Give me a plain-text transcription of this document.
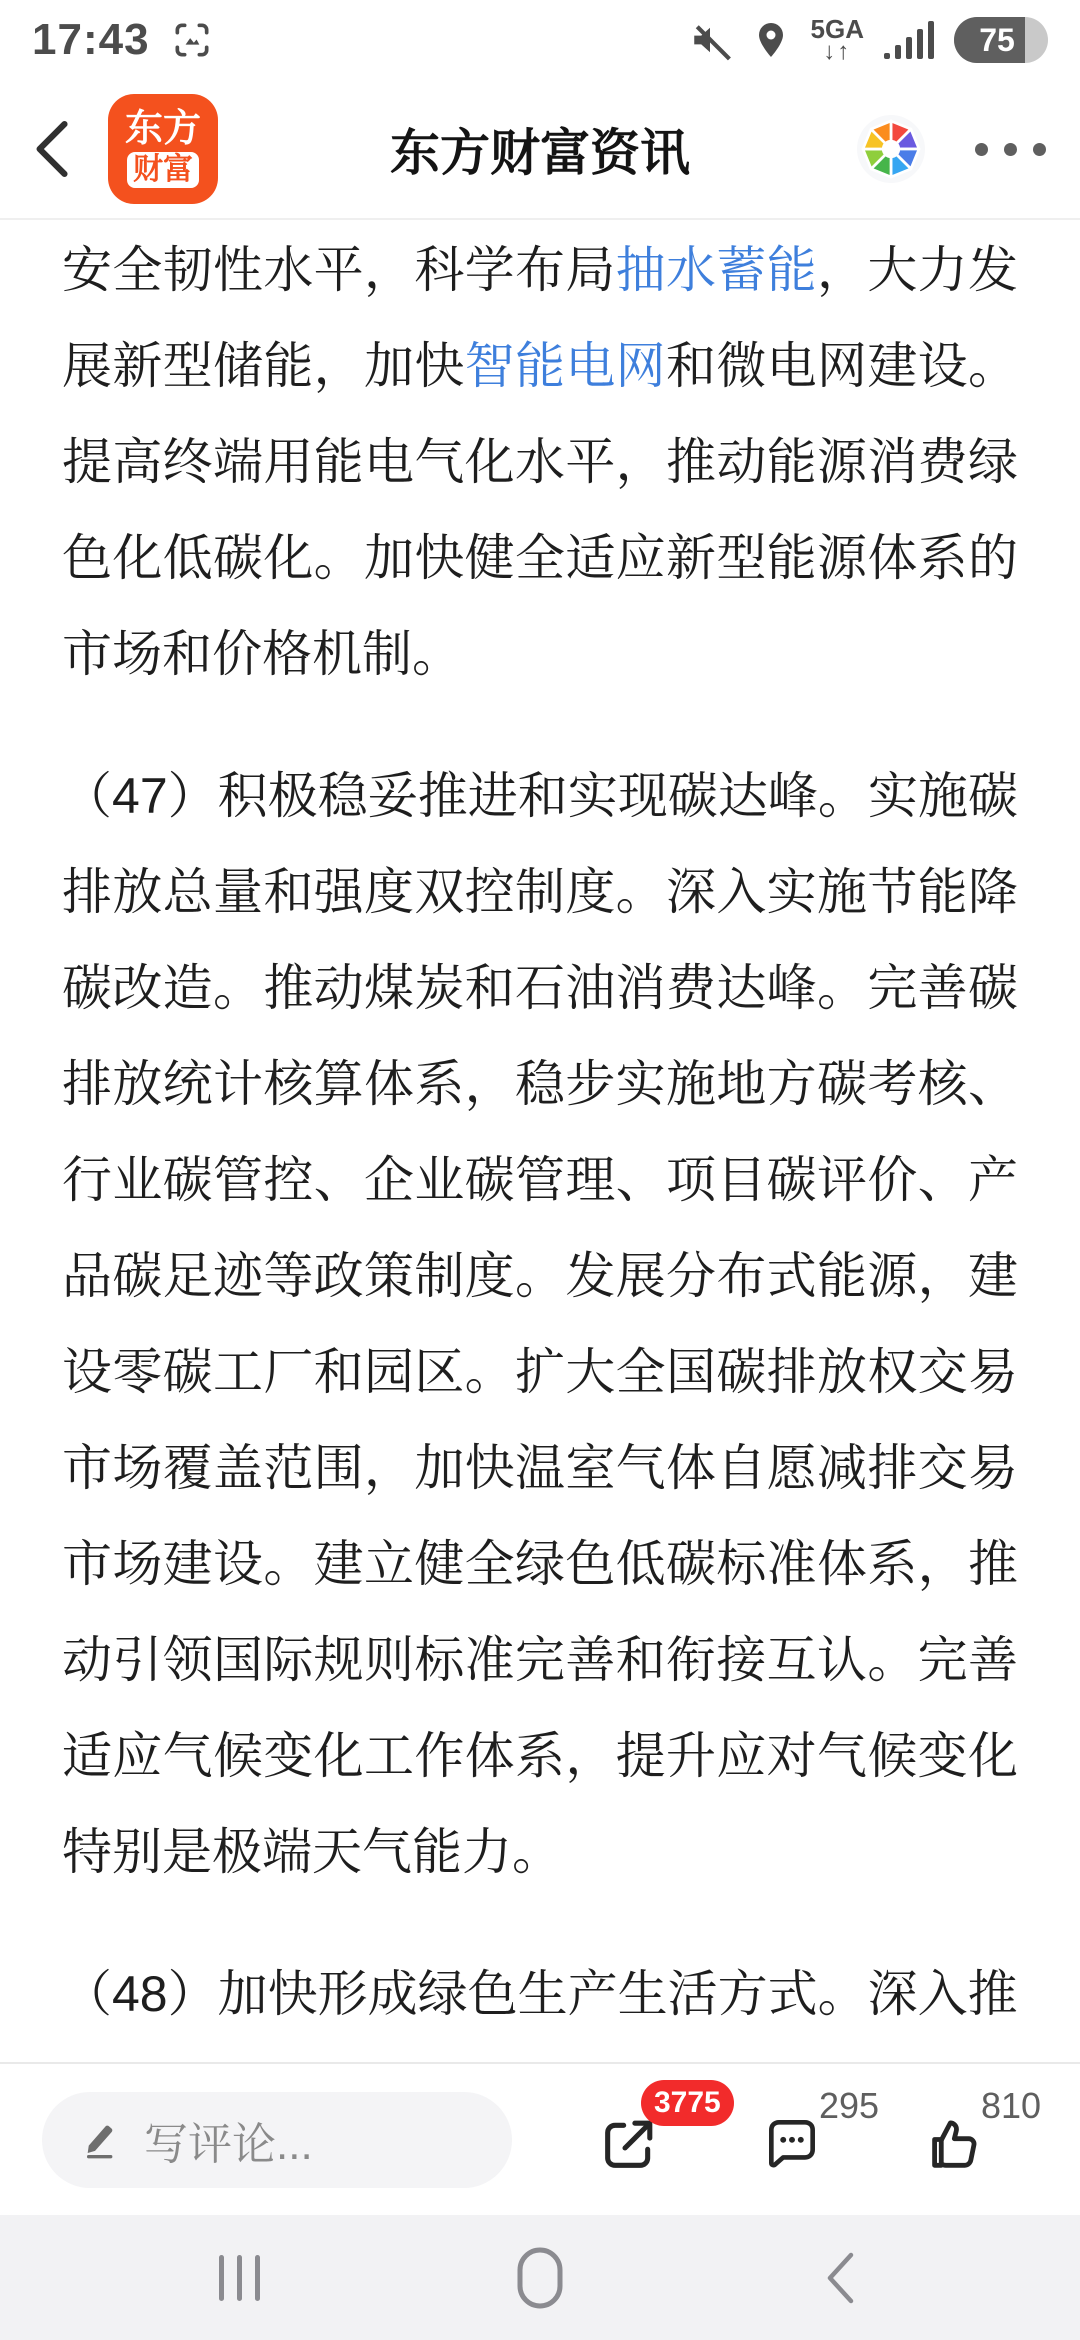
17:43	5GA
↓↑	75
东方财富资讯
东方
财富

安全韧性水平，科学布局抽水蓄能，大力发展新型储能，加快智能电网和微电网建设。提高终端用能电气化水平，推动能源消费绿色化低碳化。加快健全适应新型能源体系的市场和价格机制。

（47）积极稳妥推进和实现碳达峰。实施碳排放总量和强度双控制度。深入实施节能降碳改造。推动煤炭和石油消费达峰。完善碳排放统计核算体系，稳步实施地方碳考核、行业碳管控、企业碳管理、项目碳评价、产品碳足迹等政策制度。发展分布式能源，建设零碳工厂和园区。扩大全国碳排放权交易市场覆盖范围，加快温室气体自愿减排交易市场建设。建立健全绿色低碳标准体系，推动引领国际规则标准完善和衔接互认。完善适应气候变化工作体系，提升应对气候变化特别是极端天气能力。

（48）加快形成绿色生产生活方式。深入推

写评论...
3775	295	810
